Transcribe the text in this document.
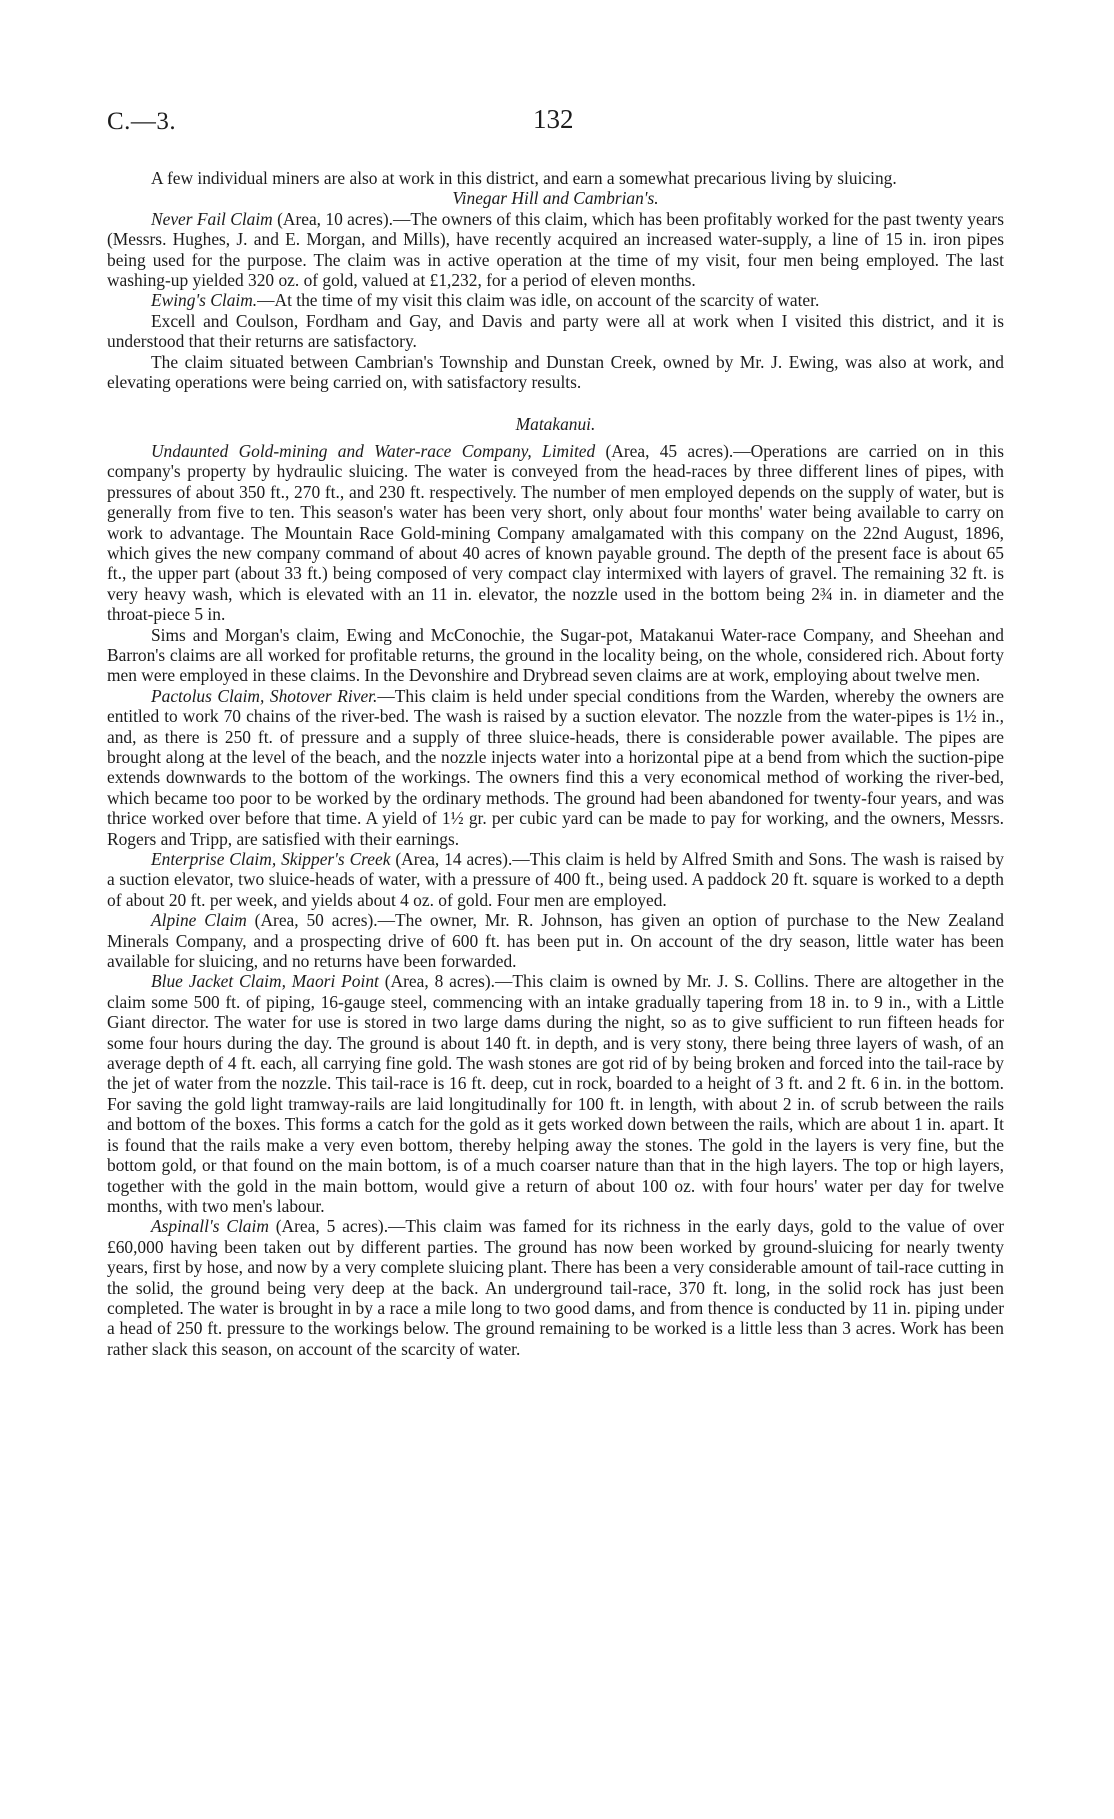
C.—3.	132

A few individual miners are also at work in this district, and earn a somewhat precarious living by sluicing.

Vinegar Hill and Cambrian's.

Never Fail Claim (Area, 10 acres).—The owners of this claim, which has been profitably worked for the past twenty years (Messrs. Hughes, J. and E. Morgan, and Mills), have recently acquired an increased water-supply, a line of 15 in. iron pipes being used for the purpose. The claim was in active operation at the time of my visit, four men being employed. The last washing-up yielded 320 oz. of gold, valued at £1,232, for a period of eleven months.

Ewing's Claim.—At the time of my visit this claim was idle, on account of the scarcity of water.

Excell and Coulson, Fordham and Gay, and Davis and party were all at work when I visited this district, and it is understood that their returns are satisfactory.

The claim situated between Cambrian's Township and Dunstan Creek, owned by Mr. J. Ewing, was also at work, and elevating operations were being carried on, with satisfactory results.

Matakanui.

Undaunted Gold-mining and Water-race Company, Limited (Area, 45 acres).—Operations are carried on in this company's property by hydraulic sluicing. The water is conveyed from the head-races by three different lines of pipes, with pressures of about 350 ft., 270 ft., and 230 ft. respectively. The number of men employed depends on the supply of water, but is generally from five to ten. This season's water has been very short, only about four months' water being available to carry on work to advantage. The Mountain Race Gold-mining Company amalgamated with this company on the 22nd August, 1896, which gives the new company command of about 40 acres of known payable ground. The depth of the present face is about 65 ft., the upper part (about 33 ft.) being composed of very compact clay intermixed with layers of gravel. The remaining 32 ft. is very heavy wash, which is elevated with an 11 in. elevator, the nozzle used in the bottom being 2¾ in. in diameter and the throat-piece 5 in.

Sims and Morgan's claim, Ewing and McConochie, the Sugar-pot, Matakanui Water-race Company, and Sheehan and Barron's claims are all worked for profitable returns, the ground in the locality being, on the whole, considered rich. About forty men were employed in these claims. In the Devonshire and Drybread seven claims are at work, employing about twelve men.

Pactolus Claim, Shotover River.—This claim is held under special conditions from the Warden, whereby the owners are entitled to work 70 chains of the river-bed. The wash is raised by a suction elevator. The nozzle from the water-pipes is 1½ in., and, as there is 250 ft. of pressure and a supply of three sluice-heads, there is considerable power available. The pipes are brought along at the level of the beach, and the nozzle injects water into a horizontal pipe at a bend from which the suction-pipe extends downwards to the bottom of the workings. The owners find this a very economical method of working the river-bed, which became too poor to be worked by the ordinary methods. The ground had been abandoned for twenty-four years, and was thrice worked over before that time. A yield of 1½ gr. per cubic yard can be made to pay for working, and the owners, Messrs. Rogers and Tripp, are satisfied with their earnings.

Enterprise Claim, Skipper's Creek (Area, 14 acres).—This claim is held by Alfred Smith and Sons. The wash is raised by a suction elevator, two sluice-heads of water, with a pressure of 400 ft., being used. A paddock 20 ft. square is worked to a depth of about 20 ft. per week, and yields about 4 oz. of gold. Four men are employed.

Alpine Claim (Area, 50 acres).—The owner, Mr. R. Johnson, has given an option of purchase to the New Zealand Minerals Company, and a prospecting drive of 600 ft. has been put in. On account of the dry season, little water has been available for sluicing, and no returns have been forwarded.

Blue Jacket Claim, Maori Point (Area, 8 acres).—This claim is owned by Mr. J. S. Collins. There are altogether in the claim some 500 ft. of piping, 16-gauge steel, commencing with an intake gradually tapering from 18 in. to 9 in., with a Little Giant director. The water for use is stored in two large dams during the night, so as to give sufficient to run fifteen heads for some four hours during the day. The ground is about 140 ft. in depth, and is very stony, there being three layers of wash, of an average depth of 4 ft. each, all carrying fine gold. The wash stones are got rid of by being broken and forced into the tail-race by the jet of water from the nozzle. This tail-race is 16 ft. deep, cut in rock, boarded to a height of 3 ft. and 2 ft. 6 in. in the bottom. For saving the gold light tramway-rails are laid longitudinally for 100 ft. in length, with about 2 in. of scrub between the rails and bottom of the boxes. This forms a catch for the gold as it gets worked down between the rails, which are about 1 in. apart. It is found that the rails make a very even bottom, thereby helping away the stones. The gold in the layers is very fine, but the bottom gold, or that found on the main bottom, is of a much coarser nature than that in the high layers. The top or high layers, together with the gold in the main bottom, would give a return of about 100 oz. with four hours' water per day for twelve months, with two men's labour.

Aspinall's Claim (Area, 5 acres).—This claim was famed for its richness in the early days, gold to the value of over £60,000 having been taken out by different parties. The ground has now been worked by ground-sluicing for nearly twenty years, first by hose, and now by a very complete sluicing plant. There has been a very considerable amount of tail-race cutting in the solid, the ground being very deep at the back. An underground tail-race, 370 ft. long, in the solid rock has just been completed. The water is brought in by a race a mile long to two good dams, and from thence is conducted by 11 in. piping under a head of 250 ft. pressure to the workings below. The ground remaining to be worked is a little less than 3 acres. Work has been rather slack this season, on account of the scarcity of water.
